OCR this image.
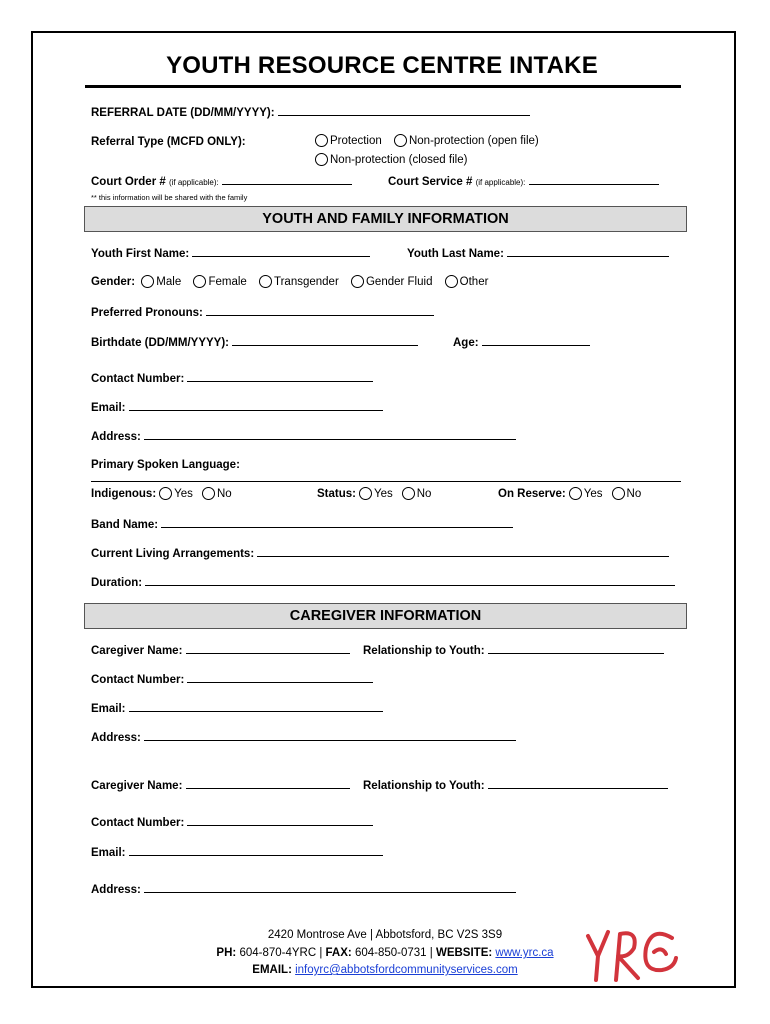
YOUTH RESOURCE CENTRE INTAKE
REFERRAL DATE (DD/MM/YYYY):
Referral Type (MCFD ONLY):	Protection Non-protection (open file)
Non-protection (closed file)
Court Order # (if applicable):	Court Service # (if applicable):
** this information will be shared with the family
YOUTH AND FAMILY INFORMATION
Youth First Name:	Youth Last Name:
Gender: Male Female Transgender Gender Fluid Other
Preferred Pronouns:
Birthdate (DD/MM/YYYY):	Age:
Contact Number:
Email:
Address:
Primary Spoken Language:
Indigenous: Yes No	Status: Yes No	On Reserve: Yes No
Band Name:
Current Living Arrangements:
Duration:
CAREGIVER INFORMATION
Caregiver Name:	Relationship to Youth:
Contact Number:
Email:
Address:
Caregiver Name:	Relationship to Youth:
Contact Number:
Email:
Address:
2420 Montrose Ave | Abbotsford, BC V2S 3S9
PH: 604-870-4YRC | FAX: 604-850-0731 | WEBSITE: www.yrc.ca
EMAIL: infoyrc@abbotsfordcommunityservices.com
